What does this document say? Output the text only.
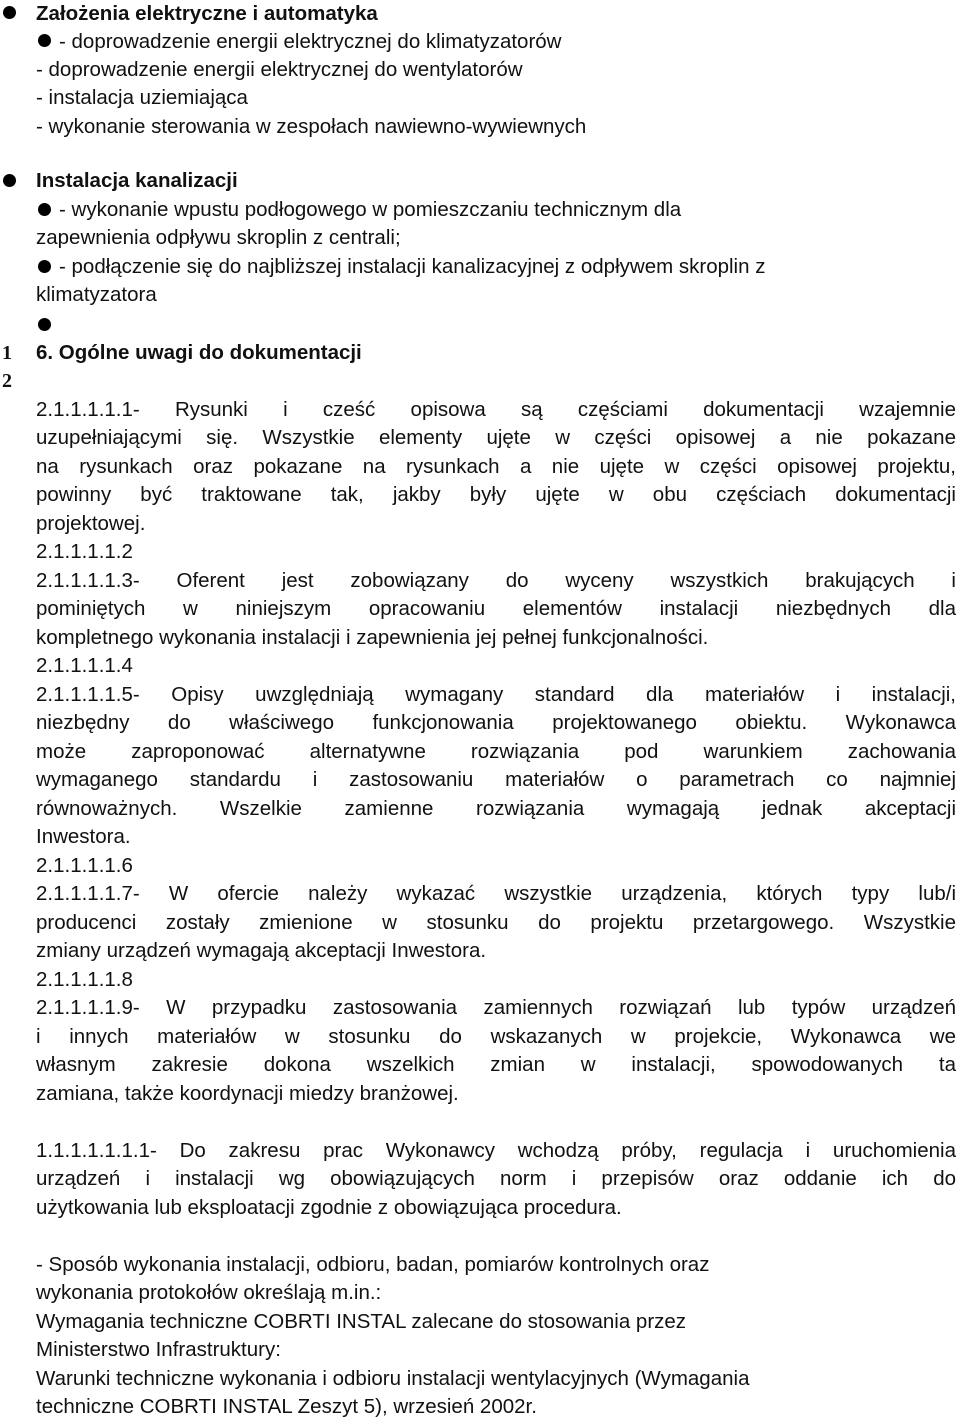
Założenia elektryczne i automatyka
- doprowadzenie energii elektrycznej do klimatyzatorów
- doprowadzenie energii elektrycznej do wentylatorów
- instalacja uziemiająca
- wykonanie sterowania w zespołach nawiewno-wywiewnych
Instalacja kanalizacji
- wykonanie wpustu podłogowego w pomieszczaniu technicznym dla
zapewnienia odpływu skroplin z centrali;
- podłączenie się do najbliższej instalacji kanalizacyjnej z odpływem skroplin z
klimatyzatora
1
2
6. Ogólne uwagi do dokumentacji
2.1.1.1.1.1- Rysunki i cześć opisowa są częściami dokumentacji wzajemnie
uzupełniającymi się. Wszystkie elementy ujęte w części opisowej a nie pokazane
na rysunkach oraz pokazane na rysunkach a nie ujęte w części opisowej projektu,
powinny być traktowane tak, jakby były ujęte w obu częściach dokumentacji
projektowej.
2.1.1.1.1.2
2.1.1.1.1.3- Oferent jest zobowiązany do wyceny wszystkich brakujących i
pominiętych w niniejszym opracowaniu elementów instalacji niezbędnych dla
kompletnego wykonania instalacji i zapewnienia jej pełnej funkcjonalności.
2.1.1.1.1.4
2.1.1.1.1.5- Opisy uwzględniają wymagany standard dla materiałów i instalacji,
niezbędny do właściwego funkcjonowania projektowanego obiektu. Wykonawca
może zaproponować alternatywne rozwiązania pod warunkiem zachowania
wymaganego standardu i zastosowaniu materiałów o parametrach co najmniej
równoważnych. Wszelkie zamienne rozwiązania wymagają jednak akceptacji
Inwestora.
2.1.1.1.1.6
2.1.1.1.1.7- W ofercie należy wykazać wszystkie urządzenia, których typy lub/i
producenci zostały zmienione w stosunku do projektu przetargowego. Wszystkie
zmiany urządzeń wymagają akceptacji Inwestora.
2.1.1.1.1.8
2.1.1.1.1.9- W przypadku zastosowania zamiennych rozwiązań lub typów urządzeń
i innych materiałów w stosunku do wskazanych w projekcie, Wykonawca we
własnym zakresie dokona wszelkich zmian w instalacji, spowodowanych ta
zamiana, także koordynacji miedzy branżowej.
1.1.1.1.1.1.1- Do zakresu prac Wykonawcy wchodzą próby, regulacja i uruchomienia
urządzeń i instalacji wg obowiązujących norm i przepisów oraz oddanie ich do
użytkowania lub eksploatacji zgodnie z obowiązująca procedura.
- Sposób wykonania instalacji, odbioru, badan, pomiarów kontrolnych oraz
wykonania protokołów określają m.in.:
Wymagania techniczne COBRTI INSTAL zalecane do stosowania przez
Ministerstwo Infrastruktury:
Warunki techniczne wykonania i odbioru instalacji wentylacyjnych (Wymagania
techniczne COBRTI INSTAL Zeszyt 5), wrzesień 2002r.
